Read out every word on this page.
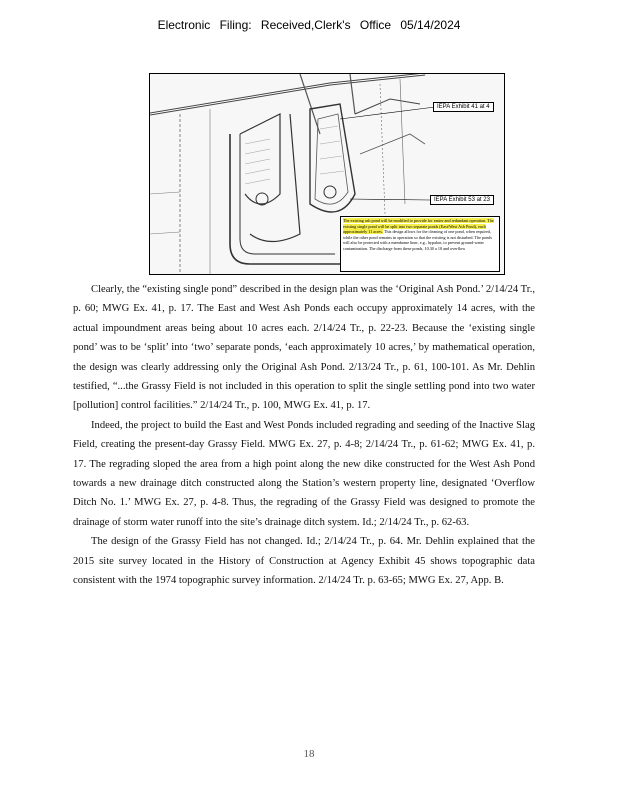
Electronic Filing: Received,Clerk's Office 05/14/2024
IEPA Exhibit 41 at 4
IEPA Exhibit 53 at 23
The existing ash pond will be modified to provide for easier and redundant operation. The existing single pond will be split into two separate ponds (East/West Ash Pond), each approximately 11 acres. This design allows for the cleaning of one pond, when required, while the other pond remains in operation so that the existing is not disturbed. The ponds will also be protected with a membrane liner, e.g., hypalon, to prevent ground-water contamination. The discharge from these ponds, 10,30 a 10 and overflow

Clearly, the “existing single pond” described in the design plan was the ‘Original Ash Pond.’ 2/14/24 Tr., p. 60; MWG Ex. 41, p. 17. The East and West Ash Ponds each occupy approximately 14 acres, with the actual impoundment areas being about 10 acres each. 2/14/24 Tr., p. 22-23. Because the ‘existing single pond’ was to be ‘split’ into ‘two’ separate ponds, ‘each approximately 10 acres,’ by mathematical operation, the design was clearly addressing only the Original Ash Pond. 2/13/24 Tr., p. 61, 100-101. As Mr. Dehlin testified, “...the Grassy Field is not included in this operation to split the single settling pond into two water [pollution] control facilities.” 2/14/24 Tr., p. 100, MWG Ex. 41, p. 17.

Indeed, the project to build the East and West Ponds included regrading and seeding of the Inactive Slag Field, creating the present-day Grassy Field. MWG Ex. 27, p. 4-8; 2/14/24 Tr., p. 61-62; MWG Ex. 41, p. 17. The regrading sloped the area from a high point along the new dike constructed for the West Ash Pond towards a new drainage ditch constructed along the Station’s western property line, designated ‘Overflow Ditch No. 1.’ MWG Ex. 27, p. 4-8. Thus, the regrading of the Grassy Field was designed to promote the drainage of storm water runoff into the site’s drainage ditch system. Id.; 2/14/24 Tr., p. 62-63.

The design of the Grassy Field has not changed. Id.; 2/14/24 Tr., p. 64. Mr. Dehlin explained that the 2015 site survey located in the History of Construction at Agency Exhibit 45 shows topographic data consistent with the 1974 topographic survey information. 2/14/24 Tr. p. 63-65; MWG Ex. 27, App. B.

18
